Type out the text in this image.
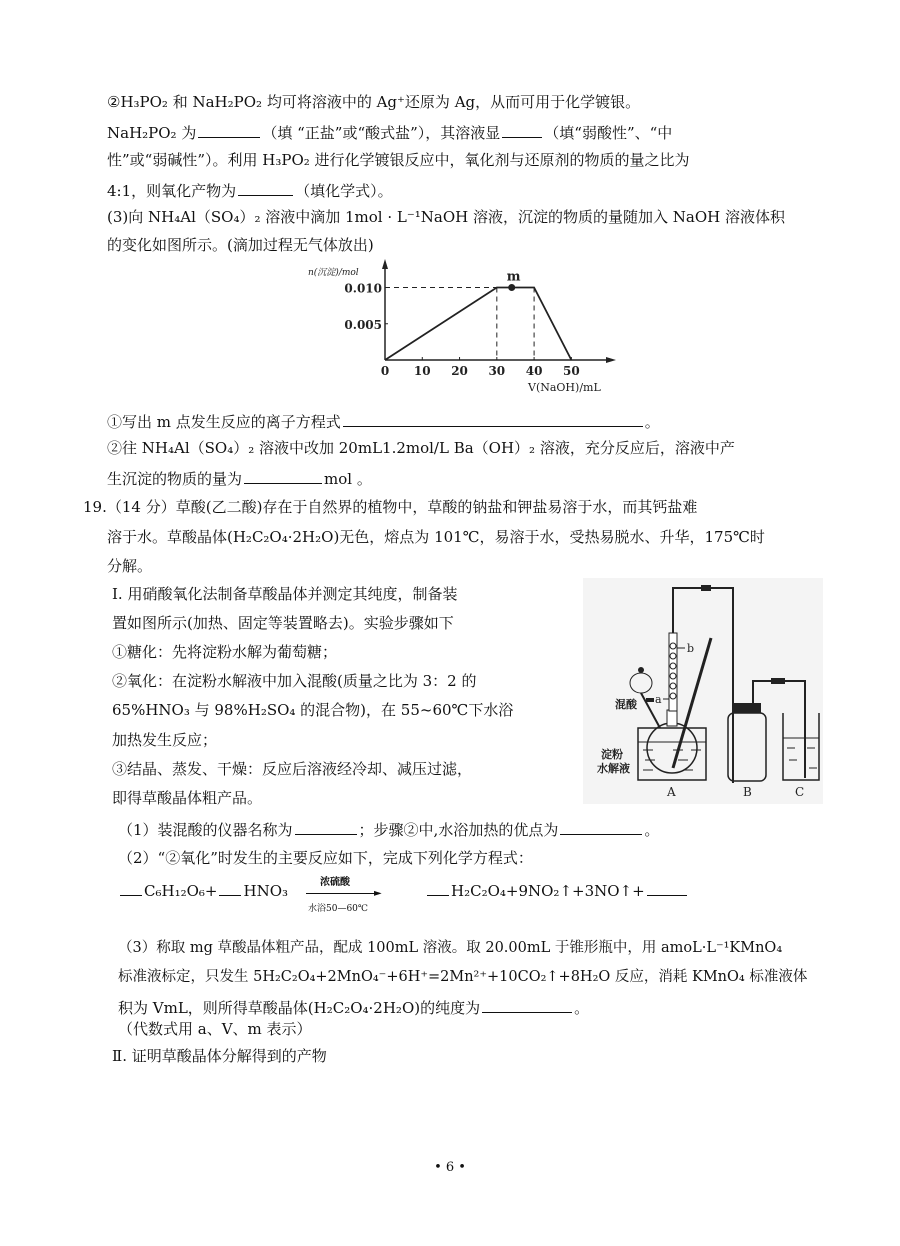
②H₃PO₂ 和 NaH₂PO₂ 均可将溶液中的 Ag⁺还原为 Ag，从而可用于化学镀银。
NaH₂PO₂ 为	（填 “正盐”或“酸式盐”），其溶液显	（填“弱酸性”、“中
性”或“弱碱性”）。利用 H₃PO₂ 进行化学镀银反应中，氧化剂与还原剂的物质的量之比为
4:1，则氧化产物为	（填化学式）。
(3)向 NH₄Al（SO₄）₂ 溶液中滴加 1mol · L⁻¹NaOH 溶液，沉淀的物质的量随加入 NaOH 溶液体积
的变化如图所示。(滴加过程无气体放出)
0 10 20 30 40 50
0.005
0.010
n(沉淀)/mol
V(NaOH)/mL
m
①写出 m 点发生反应的离子方程式	。
②往 NH₄Al（SO₄）₂ 溶液中改加 20mL1.2mol/L Ba（OH）₂ 溶液，充分反应后，溶液中产
生沉淀的物质的量为	mol 。
19.（14 分）草酸(乙二酸)存在于自然界的植物中，草酸的钠盐和钾盐易溶于水，而其钙盐难
溶于水。草酸晶体(H₂C₂O₄·2H₂O)无色，熔点为 101℃，易溶于水，受热易脱水、升华，175℃时
分解。
Ⅰ. 用硝酸氧化法制备草酸晶体并测定其纯度，制备装
置如图所示(加热、固定等装置略去)。实验步骤如下
①糖化：先将淀粉水解为葡萄糖；
②氧化：在淀粉水解液中加入混酸(质量之比为 3：2 的
65%HNO₃ 与 98%H₂SO₄ 的混合物)，在 55~60℃下水浴
加热发生反应；
③结晶、蒸发、干燥：反应后溶液经冷却、减压过滤，
即得草酸晶体粗产品。
b
a
混酸
淀粉
水解液
A	B	C
（1）装混酸的仪器名称为	；步骤②中,水浴加热的优点为	。
（2）“②氧化”时发生的主要反应如下，完成下列化学方程式：
C₆H₁₂O₆+ HNO₃	浓硫酸
►
水浴50—60℃
H₂C₂O₄+9NO₂↑+3NO↑+
（3）称取 mg 草酸晶体粗产品，配成 100mL 溶液。取 20.00mL 于锥形瓶中，用 amoL·L⁻¹KMnO₄
标准液标定，只发生 5H₂C₂O₄+2MnO₄⁻+6H⁺=2Mn²⁺+10CO₂↑+8H₂O 反应，消耗 KMnO₄ 标准液体
积为 VmL，则所得草酸晶体(H₂C₂O₄·2H₂O)的纯度为	。
（代数式用 a、V、m 表示）
Ⅱ. 证明草酸晶体分解得到的产物
• 6 •
